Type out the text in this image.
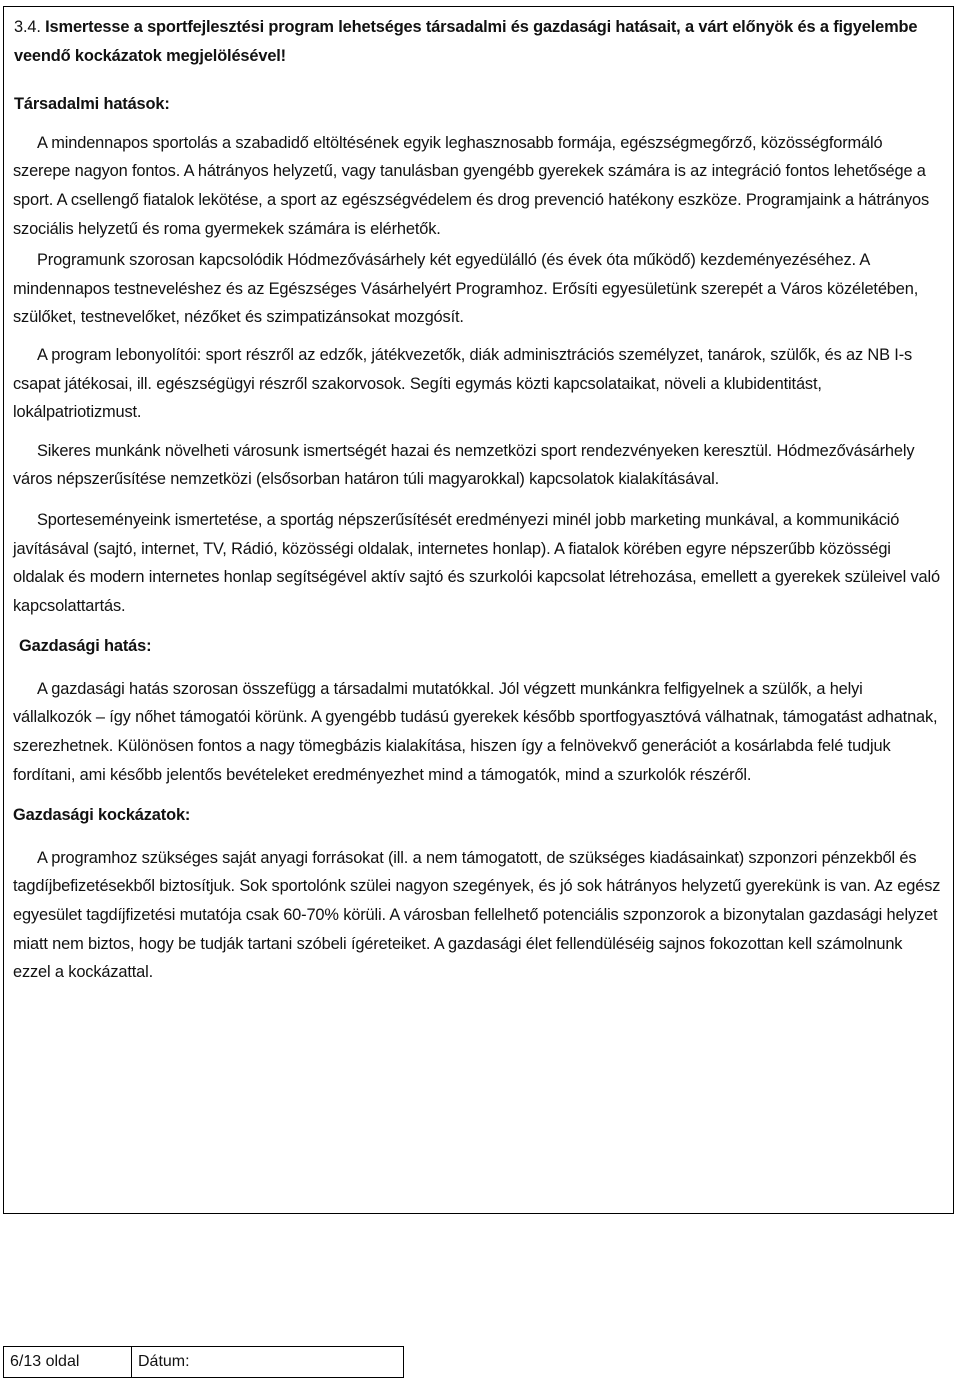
3.4. Ismertesse a sportfejlesztési program lehetséges társadalmi és gazdasági hatásait, a várt előnyök és a figyelembe veendő kockázatok megjelölésével!

Társadalmi hatások:

A mindennapos sportolás a szabadidő eltöltésének egyik leghasznosabb formája, egészségmegőrző, közösségformáló szerepe nagyon fontos. A hátrányos helyzetű, vagy tanulásban gyengébb gyerekek számára is az integráció fontos lehetősége a sport. A csellengő fiatalok lekötése, a sport az egészségvédelem és drog prevenció hatékony eszköze. Programjaink a hátrányos szociális helyzetű és roma gyermekek számára is elérhetők.

Programunk szorosan kapcsolódik Hódmezővásárhely két egyedülálló (és évek óta működő) kezdeményezéséhez. A mindennapos testneveléshez és az Egészséges Vásárhelyért Programhoz. Erősíti egyesületünk szerepét a Város közéletében, szülőket, testnevelőket, nézőket és szimpatizánsokat mozgósít.

A program lebonyolítói: sport részről az edzők, játékvezetők, diák adminisztrációs személyzet, tanárok, szülők, és az NB I-s csapat játékosai, ill. egészségügyi részről szakorvosok. Segíti egymás közti kapcsolataikat, növeli a klubidentitást, lokálpatriotizmust.

Sikeres munkánk növelheti városunk ismertségét hazai és nemzetközi sport rendezvényeken keresztül. Hódmezővásárhely város népszerűsítése nemzetközi (elsősorban határon túli magyarokkal) kapcsolatok kialakításával.

Sporteseményeink ismertetése, a sportág népszerűsítését eredményezi minél jobb marketing munkával, a kommunikáció javításával (sajtó, internet, TV, Rádió, közösségi oldalak, internetes honlap). A fiatalok körében egyre népszerűbb közösségi oldalak és modern internetes honlap segítségével aktív sajtó és szurkolói kapcsolat létrehozása, emellett a gyerekek szüleivel való kapcsolattartás.

Gazdasági hatás:

A gazdasági hatás szorosan összefügg a társadalmi mutatókkal. Jól végzett munkánkra felfigyelnek a szülők, a helyi vállalkozók – így nőhet támogatói körünk. A gyengébb tudású gyerekek később sportfogyasztóvá válhatnak, támogatást adhatnak, szerezhetnek. Különösen fontos a nagy tömegbázis kialakítása, hiszen így a felnövekvő generációt a kosárlabda felé tudjuk fordítani, ami később jelentős bevételeket eredményezhet mind a támogatók, mind a szurkolók részéről.

Gazdasági kockázatok:

A programhoz szükséges saját anyagi forrásokat (ill. a nem támogatott, de szükséges kiadásainkat) szponzori pénzekből és tagdíjbefizetésekből biztosítjuk. Sok sportolónk szülei nagyon szegények, és jó sok hátrányos helyzetű gyerekünk is van. Az egész egyesület tagdíjfizetési mutatója csak 60-70% körüli. A városban fellelhető potenciális szponzorok a bizonytalan gazdasági helyzet miatt nem biztos, hogy be tudják tartani szóbeli ígéreteiket. A gazdasági élet fellendüléséig sajnos fokozottan kell számolnunk ezzel a kockázattal.

6/13 oldal	Dátum:
